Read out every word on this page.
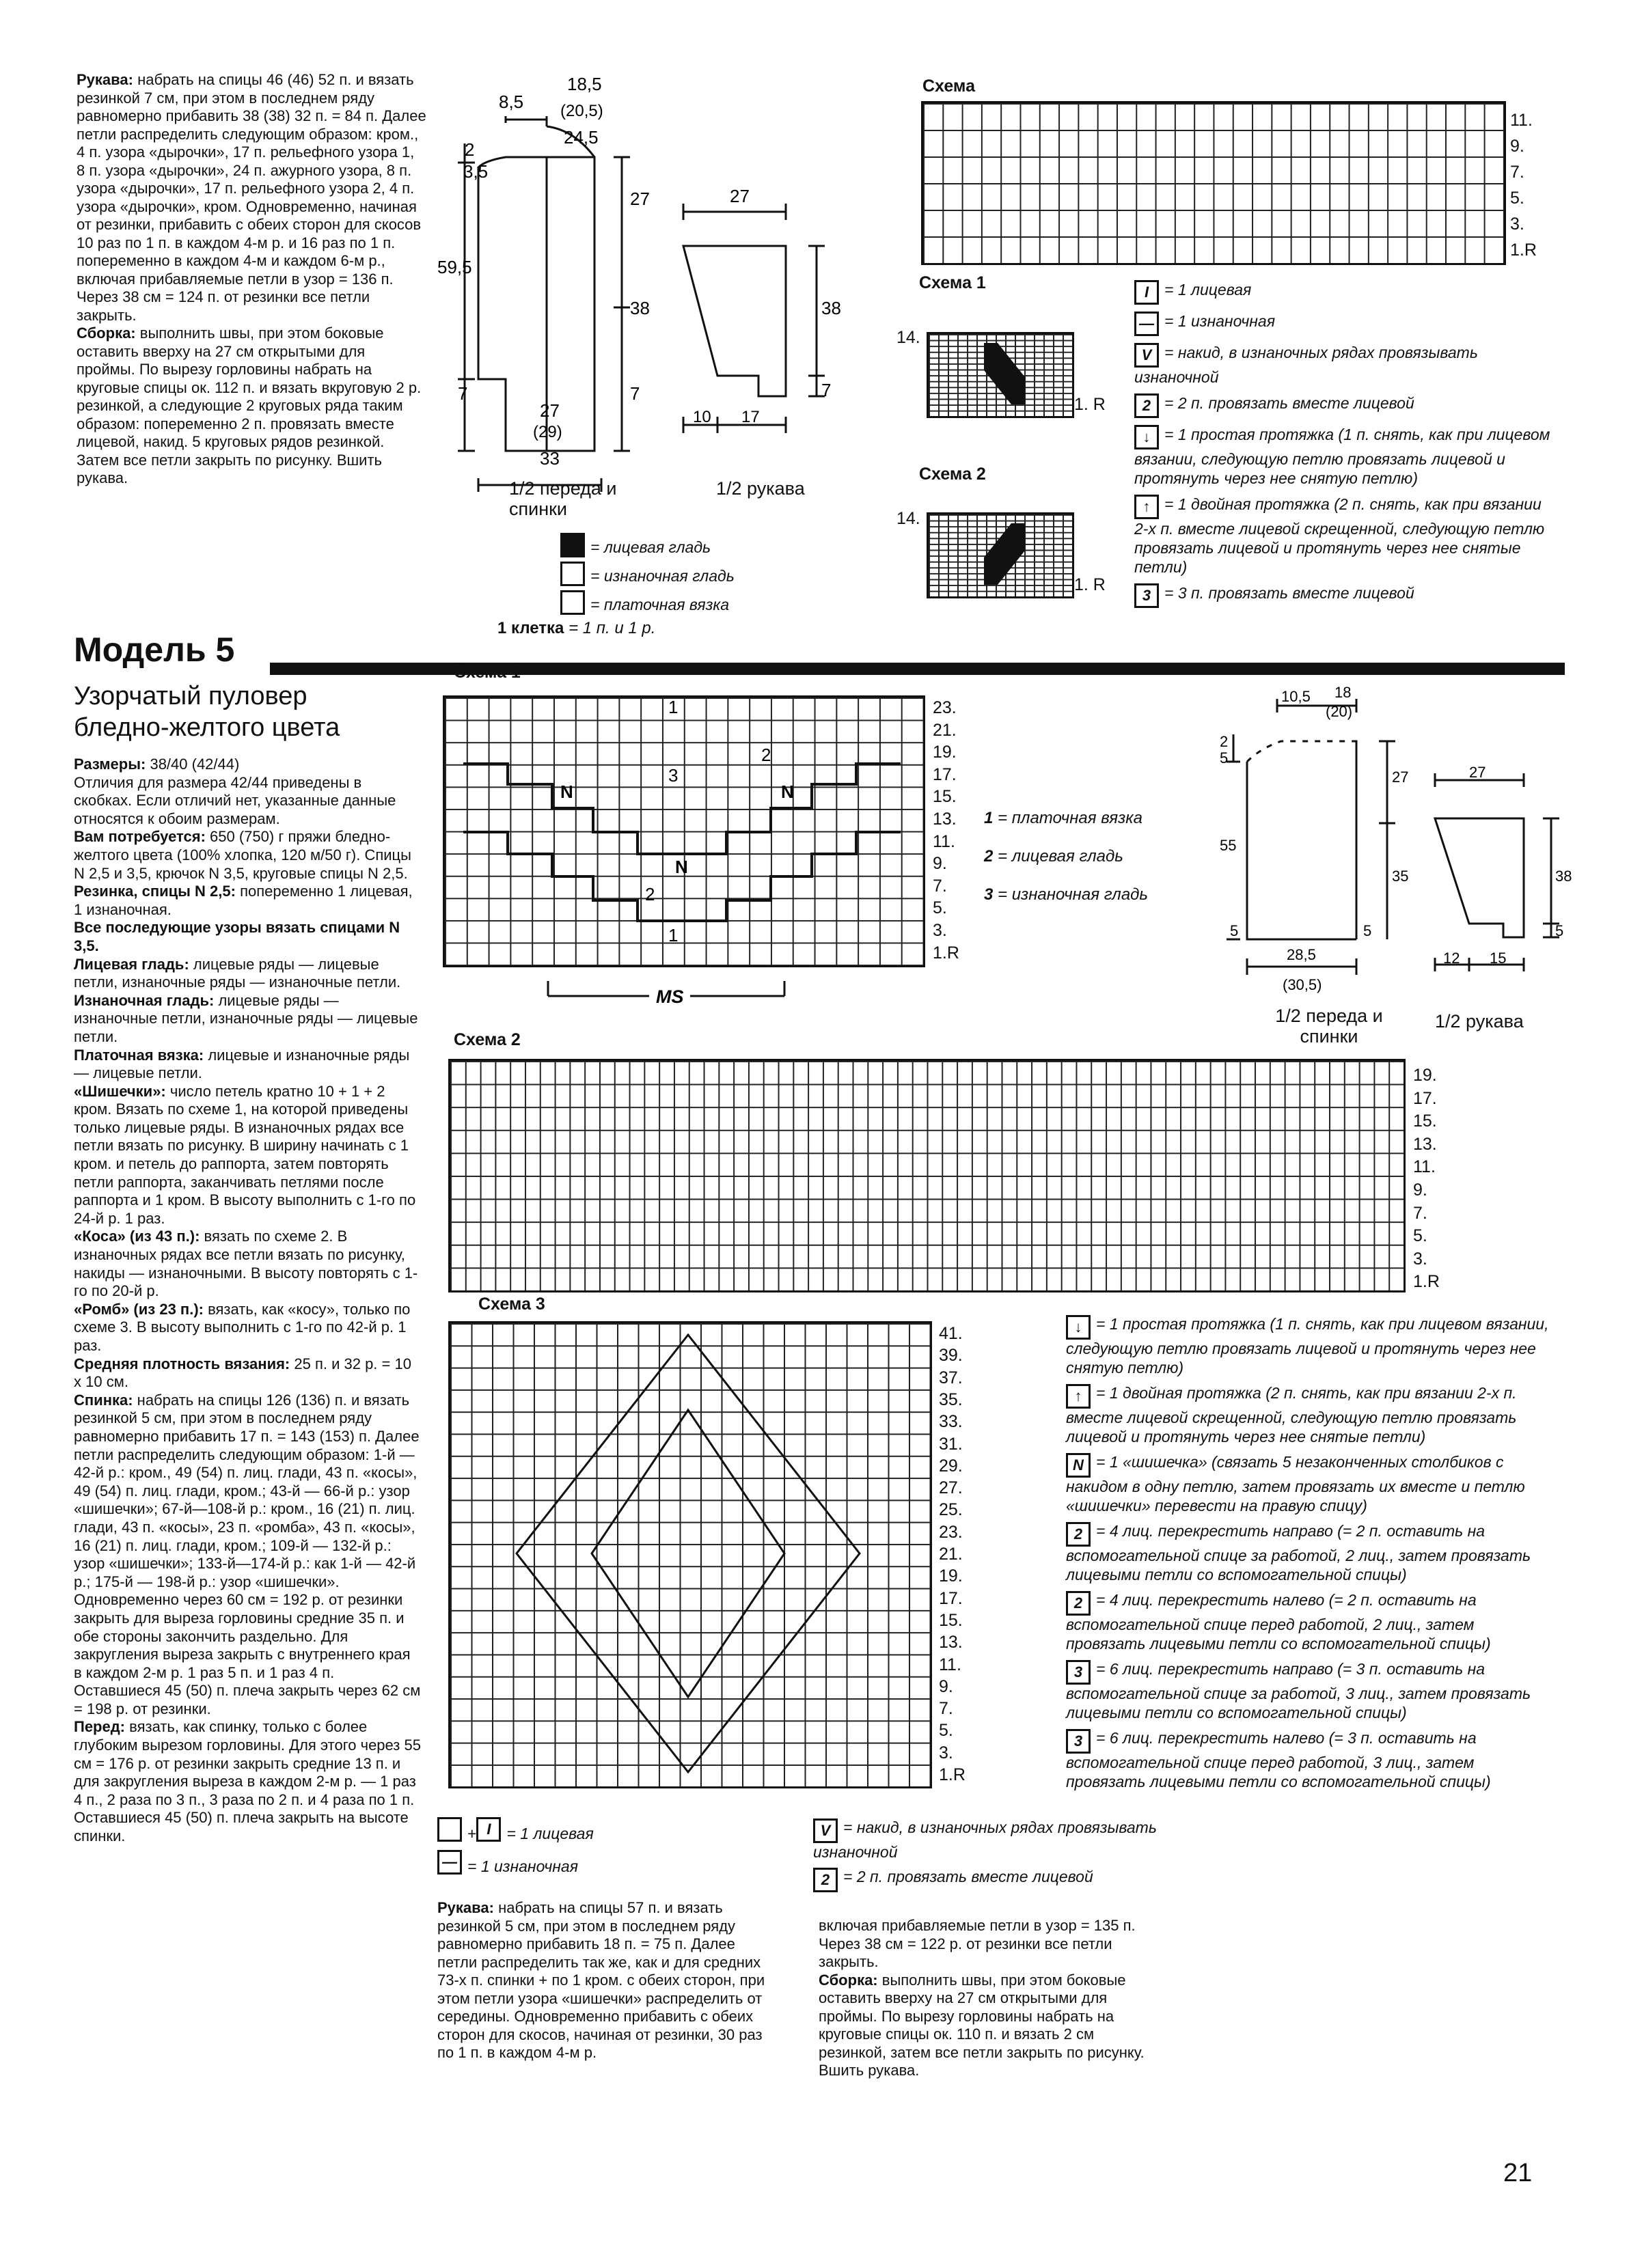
Рукава: набрать на спицы 46 (46) 52 п. и вязать резинкой 7 см, при этом в последнем ряду равномерно прибавить 38 (38) 32 п. = 84 п. Далее петли распределить следующим образом: кром., 4 п. узора «дырочки», 17 п. рельефного узора 1, 8 п. узора «дырочки», 24 п. ажурного узора, 8 п. узора «дырочки», 17 п. рельефного узора 2, 4 п. узора «дырочки», кром. Одновременно, начиная от резинки, прибавить с обеих сторон для скосов 10 раз по 1 п. в каждом 4-м р. и 16 раз по 1 п. попеременно в каждом 4-м и каждом 6-м р., включая прибавляемые петли в узор = 136 п. Через 38 см = 124 п. от резинки все петли закрыть.

Сборка: выполнить швы, при этом боковые оставить вверху на 27 см открытыми для проймы. По вырезу горловины набрать на круговые спицы ок. 112 п. и вязать вкруговую 2 р. резинкой, а следующие 2 круговых ряда таким образом: попеременно 2 п. провязать вместе лицевой, накид. 5 круговых рядов резинкой. Затем все петли закрыть по рисунку. Вшить рукава.

18,5
8,5 (20,5)
24,5
2
3,5
27
59,5
38
7	7
27
(29)
33
27
38
7
10 17
1/2 переда и спинки
1/2 рукава
= лицевая гладь
= изнаночная гладь
= платочная вязка
1 клетка = 1 п. и 1 р.
Схема
11.
9.
7.
5.
3.
1.R
Схема 1
14.
1. R
Схема 2
14.
1. R
I = 1 лицевая
— = 1 изнаночная
V = накид, в изнаночных рядах провязывать изнаночной
2 = 2 п. провязать вместе лицевой
↓ = 1 простая протяжка (1 п. снять, как при лицевом вязании, следующую петлю провязать лицевой и протянуть через нее снятую петлю)
↑ = 1 двойная протяжка (2 п. снять, как при вязании 2-х п. вместе лицевой скрещенной, следующую петлю провязать лицевой и протянуть через нее снятые петли)
3 = 3 п. провязать вместе лицевой
Модель 5
Узорчатый пуловер
бледно-желтого цвета

Размеры: 38/40 (42/44)

Отличия для размера 42/44 приведены в скобках. Если отличий нет, указанные данные относятся к обоим размерам.

Вам потребуется: 650 (750) г пряжи бледно-желтого цвета (100% хлопка, 120 м/50 г). Спицы N 2,5 и 3,5, крючок N 3,5, круговые спицы N 2,5.

Резинка, спицы N 2,5: попеременно 1 лицевая, 1 изнаночная.

Все последующие узоры вязать спицами N 3,5.

Лицевая гладь: лицевые ряды — лицевые петли, изнаночные ряды — изнаночные петли.

Изнаночная гладь: лицевые ряды — изнаночные петли, изнаночные ряды — лицевые петли.

Платочная вязка: лицевые и изнаночные ряды — лицевые петли.

«Шишечки»: число петель кратно 10 + 1 + 2 кром. Вязать по схеме 1, на которой приведены только лицевые ряды. В изнаночных рядах все петли вязать по рисунку. В ширину начинать с 1 кром. и петель до раппорта, затем повторять петли раппорта, заканчивать петлями после раппорта и 1 кром. В высоту выполнить с 1-го по 24-й р. 1 раз.

«Коса» (из 43 п.): вязать по схеме 2. В изнаночных рядах все петли вязать по рисунку, накиды — изнаночными. В высоту повторять с 1-го по 20-й р.

«Ромб» (из 23 п.): вязать, как «косу», только по схеме 3. В высоту выполнить с 1-го по 42-й р. 1 раз.

Средняя плотность вязания: 25 п. и 32 р. = 10 х 10 см.

Спинка: набрать на спицы 126 (136) п. и вязать резинкой 5 см, при этом в последнем ряду равномерно прибавить 17 п. = 143 (153) п. Далее петли распределить следующим образом: 1-й — 42-й р.: кром., 49 (54) п. лиц. глади, 43 п. «косы», 49 (54) п. лиц. глади, кром.; 43-й — 66-й р.: узор «шишечки»; 67-й—108-й р.: кром., 16 (21) п. лиц. глади, 43 п. «косы», 23 п. «ромба», 43 п. «косы», 16 (21) п. лиц. глади, кром.; 109-й — 132-й р.: узор «шишечки»; 133-й—174-й р.: как 1-й — 42-й р.; 175-й — 198-й р.: узор «шишечки». Одновременно через 60 см = 192 р. от резинки закрыть для выреза горловины средние 35 п. и обе стороны закончить раздельно. Для закругления выреза закрыть с внутреннего края в каждом 2-м р. 1 раз 5 п. и 1 раз 4 п. Оставшиеся 45 (50) п. плеча закрыть через 62 см = 198 р. от резинки.

Перед: вязать, как спинку, только с более глубоким вырезом горловины. Для этого через 55 см = 176 р. от резинки закрыть средние 13 п. и для закругления выреза в каждом 2-м р. — 1 раз 4 п., 2 раза по 3 п., 3 раза по 2 п. и 4 раза по 1 п. Оставшиеся 45 (50) п. плеча закрыть на высоте спинки.

Схема 1
1
1
3
2
2
N	N
N
23.
21.
19.
17.
15.
13.
11.
9.
7.
5.
3.
1.R
MS
1 = платочная вязка
2 = лицевая гладь
3 = изнаночная гладь
10,5 18
(20)
2
5
27
55
35
5	5
28,5
(30,5)
27
38
5
12 15
1/2 переда и спинки
1/2 рукава
Схема 2
19.
17.
15.
13.
11.
9.
7.
5.
3.
1.R
Схема 3
41.
39.
37.
35.
33.
31.
29.
27.
25.
23.
21.
19.
17.
15.
13.
11.
9.
7.
5.
3.
1.R
↓ = 1 простая протяжка (1 п. снять, как при лицевом вязании, следующую петлю провязать лицевой и протянуть через нее снятую петлю)
↑ = 1 двойная протяжка (2 п. снять, как при вязании 2-х п. вместе лицевой скрещенной, следующую петлю провязать лицевой и протянуть через нее снятые петли)
N = 1 «шишечка» (связать 5 незаконченных столбиков с накидом в одну петлю, затем провязать их вместе и петлю «шишечки» перевести на правую спицу)
2 = 4 лиц. перекрестить направо (= 2 п. оставить на вспомогательной спице за работой, 2 лиц., затем провязать лицевыми петли со вспомогательной спицы)
2 = 4 лиц. перекрестить налево (= 2 п. оставить на вспомогательной спице перед работой, 2 лиц., затем провязать лицевыми петли со вспомогательной спицы)
3 = 6 лиц. перекрестить направо (= 3 п. оставить на вспомогательной спице за работой, 3 лиц., затем провязать лицевыми петли со вспомогательной спицы)
3 = 6 лиц. перекрестить налево (= 3 п. оставить на вспомогательной спице перед работой, 3 лиц., затем провязать лицевыми петли со вспомогательной спицы)
+ I = 1 лицевая
— = 1 изнаночная
V = накид, в изнаночных рядах провязывать изнаночной
2 = 2 п. провязать вместе лицевой

Рукава: набрать на спицы 57 п. и вязать резинкой 5 см, при этом в последнем ряду равномерно прибавить 18 п. = 75 п. Далее петли распределить так же, как и для средних 73-х п. спинки + по 1 кром. с обеих сторон, при этом петли узора «шишечки» распределить от середины. Одновременно прибавить с обеих сторон для скосов, начиная от резинки, 30 раз по 1 п. в каждом 4-м р.

включая прибавляемые петли в узор = 135 п. Через 38 см = 122 р. от резинки все петли закрыть.

Сборка: выполнить швы, при этом боковые оставить вверху на 27 см открытыми для проймы. По вырезу горловины набрать на круговые спицы ок. 110 п. и вязать 2 см резинкой, затем все петли закрыть по рисунку. Вшить рукава.

21
